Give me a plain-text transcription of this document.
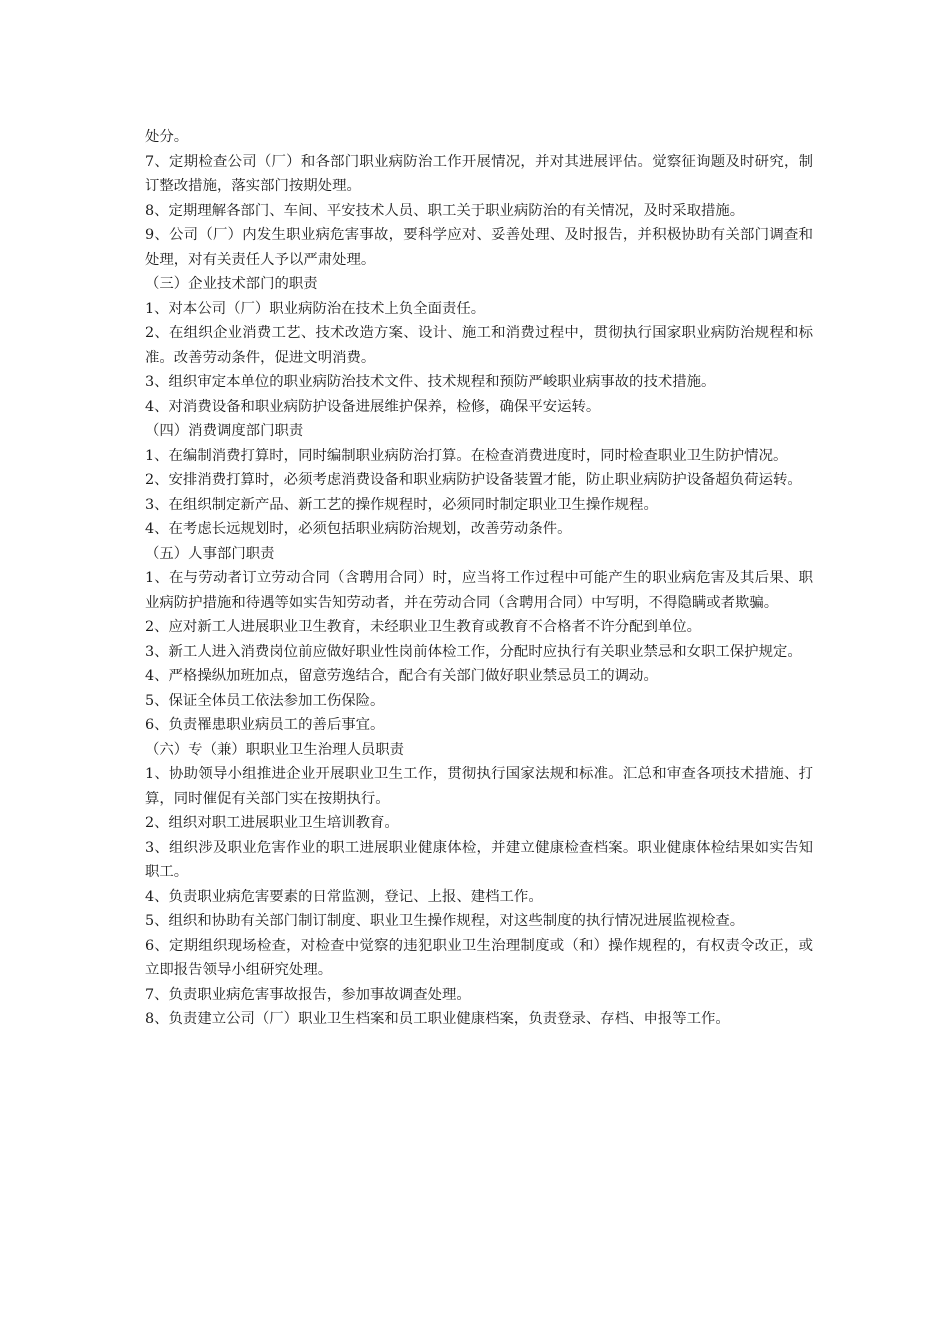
处分。

7、定期检查公司（厂）和各部门职业病防治工作开展情况，并对其进展评估。觉察征询题及时研究，制订整改措施，落实部门按期处理。

8、定期理解各部门、车间、平安技术人员、职工关于职业病防治的有关情况，及时采取措施。

9、公司（厂）内发生职业病危害事故，要科学应对、妥善处理、及时报告，并积极协助有关部门调查和处理，对有关责任人予以严肃处理。

（三）企业技术部门的职责

1、对本公司（厂）职业病防治在技术上负全面责任。

2、在组织企业消费工艺、技术改造方案、设计、施工和消费过程中，贯彻执行国家职业病防治规程和标准。改善劳动条件，促进文明消费。

3、组织审定本单位的职业病防治技术文件、技术规程和预防严峻职业病事故的技术措施。

4、对消费设备和职业病防护设备进展维护保养，检修，确保平安运转。

（四）消费调度部门职责

1、在编制消费打算时，同时编制职业病防治打算。在检查消费进度时，同时检查职业卫生防护情况。

2、安排消费打算时，必须考虑消费设备和职业病防护设备装置才能，防止职业病防护设备超负荷运转。

3、在组织制定新产品、新工艺的操作规程时，必须同时制定职业卫生操作规程。

4、在考虑长远规划时，必须包括职业病防治规划，改善劳动条件。

（五）人事部门职责

1、在与劳动者订立劳动合同（含聘用合同）时，应当将工作过程中可能产生的职业病危害及其后果、职业病防护措施和待遇等如实告知劳动者，并在劳动合同（含聘用合同）中写明，不得隐瞒或者欺骗。

2、应对新工人进展职业卫生教育，未经职业卫生教育或教育不合格者不许分配到单位。

3、新工人进入消费岗位前应做好职业性岗前体检工作，分配时应执行有关职业禁忌和女职工保护规定。

4、严格操纵加班加点，留意劳逸结合，配合有关部门做好职业禁忌员工的调动。

5、保证全体员工依法参加工伤保险。

6、负责罹患职业病员工的善后事宜。

（六）专（兼）职职业卫生治理人员职责

1、协助领导小组推进企业开展职业卫生工作，贯彻执行国家法规和标准。汇总和审查各项技术措施、打算，同时催促有关部门实在按期执行。

2、组织对职工进展职业卫生培训教育。

3、组织涉及职业危害作业的职工进展职业健康体检，并建立健康检查档案。职业健康体检结果如实告知职工。

4、负责职业病危害要素的日常监测，登记、上报、建档工作。

5、组织和协助有关部门制订制度、职业卫生操作规程，对这些制度的执行情况进展监视检查。

6、定期组织现场检查，对检查中觉察的违犯职业卫生治理制度或（和）操作规程的，有权责令改正，或立即报告领导小组研究处理。

7、负责职业病危害事故报告，参加事故调查处理。

8、负责建立公司（厂）职业卫生档案和员工职业健康档案，负责登录、存档、申报等工作。
